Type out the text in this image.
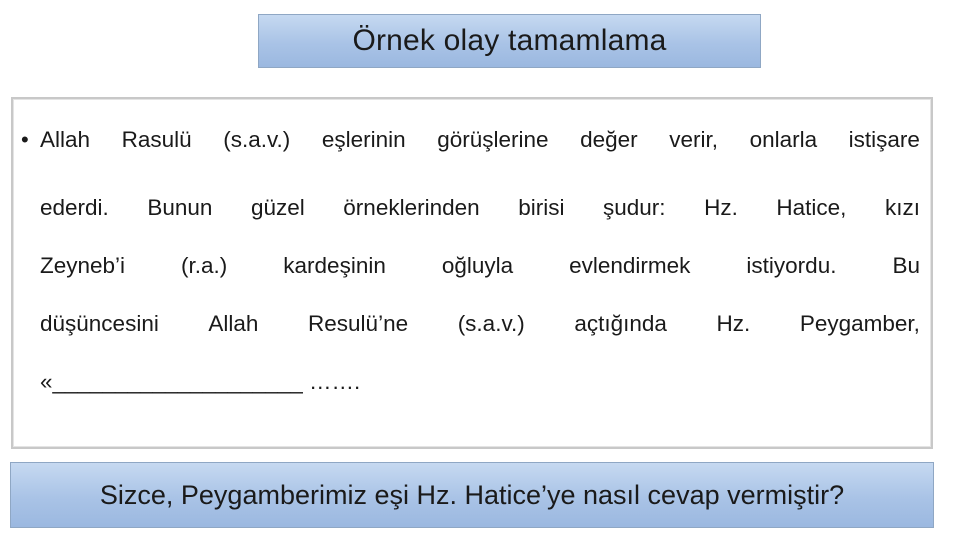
Örnek olay tamamlama
• Allah Rasulü (s.a.v.) eşlerinin görüşlerine değer verir, onlarla istişare
ederdi. Bunun güzel örneklerinden birisi şudur: Hz. Hatice, kızı
Zeyneb’i (r.a.) kardeşinin oğluyla evlendirmek istiyordu. Bu
düşüncesini Allah Resulü’ne (s.a.v.) açtığında Hz. Peygamber,
«____________________ …….
Sizce, Peygamberimiz eşi Hz. Hatice’ye nasıl cevap vermiştir?
